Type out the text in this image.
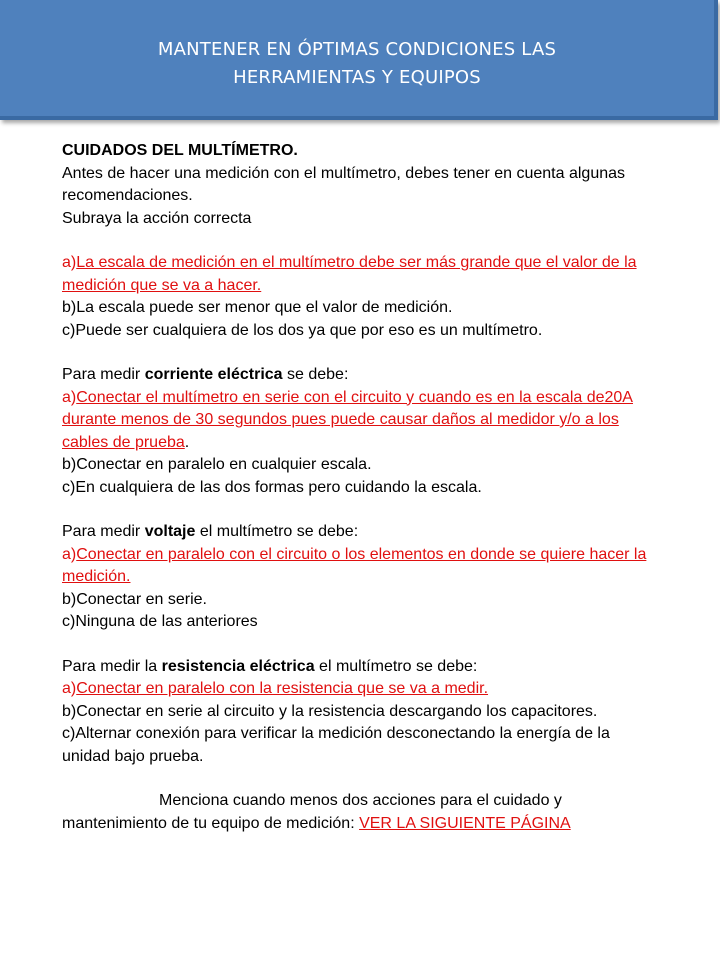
MANTENER EN ÓPTIMAS CONDICIONES LAS
HERRAMIENTAS Y EQUIPOS

CUIDADOS DEL MULTÍMETRO.

Antes de hacer una medición con el multímetro, debes tener en cuenta algunas recomendaciones.

Subraya la acción correcta

a)La escala de medición en el multímetro debe ser más grande que el valor de la medición que se va a hacer.

b)La escala puede ser menor que el valor de medición.

c)Puede ser cualquiera de los dos ya que por eso es un multímetro.

Para medir corriente eléctrica se debe:

a)Conectar el multímetro en serie con el circuito y cuando es en la escala de20A durante menos de 30 segundos pues puede causar daños al medidor y/o a los cables de prueba.

b)Conectar en paralelo en cualquier escala.

c)En cualquiera de las dos formas pero cuidando la escala.

Para medir voltaje el multímetro se debe:

a)Conectar en paralelo con el circuito o los elementos en donde se quiere hacer la medición.

b)Conectar en serie.

c)Ninguna de las anteriores

Para medir la resistencia eléctrica el multímetro se debe:

a)Conectar en paralelo con la resistencia que se va a medir.

b)Conectar en serie al circuito y la resistencia descargando los capacitores.

c)Alternar conexión para verificar la medición desconectando la energía de la unidad bajo prueba.

Menciona cuando menos dos acciones para el cuidado y mantenimiento de tu equipo de medición: VER LA SIGUIENTE PÁGINA
